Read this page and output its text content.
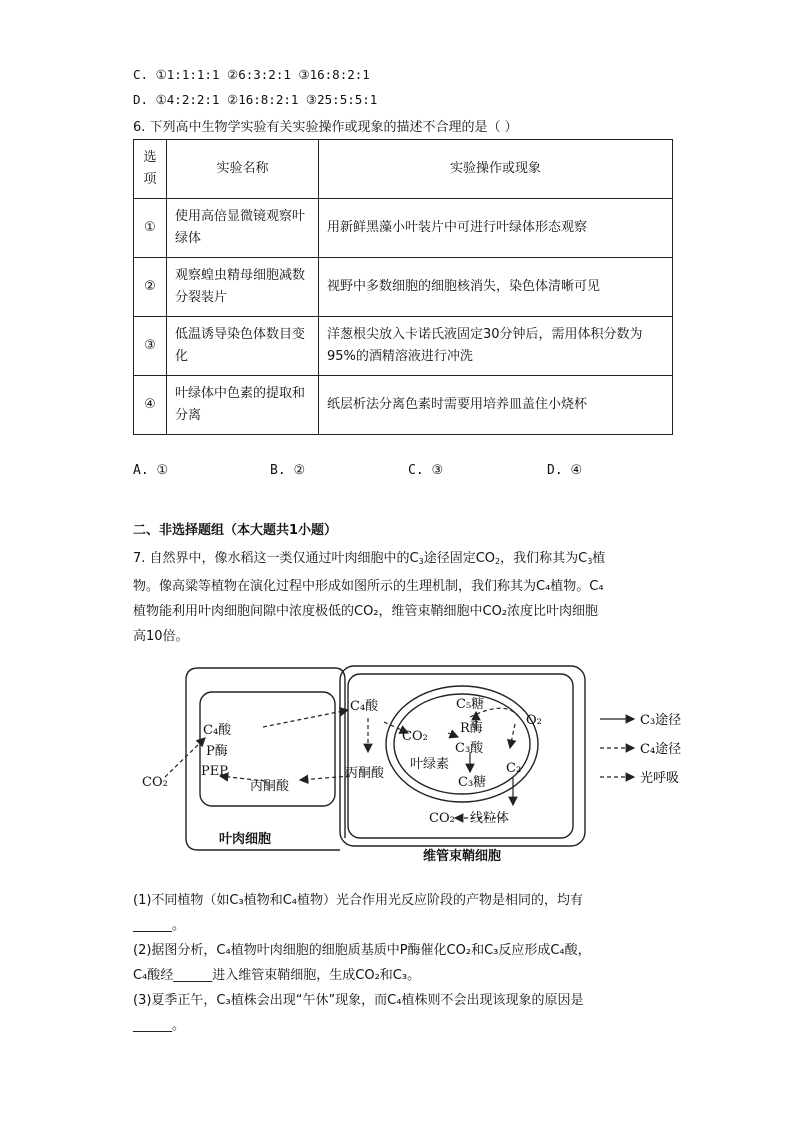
C. ①1:1:1:1 ②6:3:2:1 ③16:8:2:1
D. ①4:2:2:1 ②16:8:2:1 ③25:5:5:1
6. 下列高中生物学实验有关实验操作或现象的描述不合理的是（ ）
选项	实验名称	实验操作或现象
①	使用高倍显微镜观察叶绿体	用新鲜黑藻小叶装片中可进行叶绿体形态观察
②	观察蝗虫精母细胞减数分裂装片	视野中多数细胞的细胞核消失，染色体清晰可见
③	低温诱导染色体数目变化	洋葱根尖放入卡诺氏液固定30分钟后，需用体积分数为95%的酒精溶液进行冲洗
④	叶绿体中色素的提取和分离	纸层析法分离色素时需要用培养皿盖住小烧杯
A. ①	B. ②	C. ③	D. ④
二、非选择题组（本大题共1小题）
7. 自然界中，像水稻这一类仅通过叶肉细胞中的$C_3$途径固定$CO_2$，我们称其为$C_3$植
物。像高粱等植物在演化过程中形成如图所示的生理机制，我们称其为C₄植物。C₄
植物能利用叶肉细胞间隙中浓度极低的CO₂，维管束鞘细胞中CO₂浓度比叶肉细胞
高10倍。
CO₂
C₄酸
P酶
PEP
丙酮酸
C₄酸
丙酮酸
CO₂
C₅糖
R酶
O₂
C₃酸
叶绿素
C₃糖
C₂
线粒体
CO₂
叶肉细胞
维管束鞘细胞
C₃途径
C₄途径
光呼吸
(1)不同植物（如C₃植物和C₄植物）光合作用光反应阶段的产物是相同的，均有
______。
(2)据图分析，C₄植物叶肉细胞的细胞质基质中P酶催化CO₂和C₃反应形成C₄酸，
C₄酸经______进入维管束鞘细胞，生成CO₂和C₃。
(3)夏季正午，C₃植株会出现“午休”现象，而C₄植株则不会出现该现象的原因是
______。
